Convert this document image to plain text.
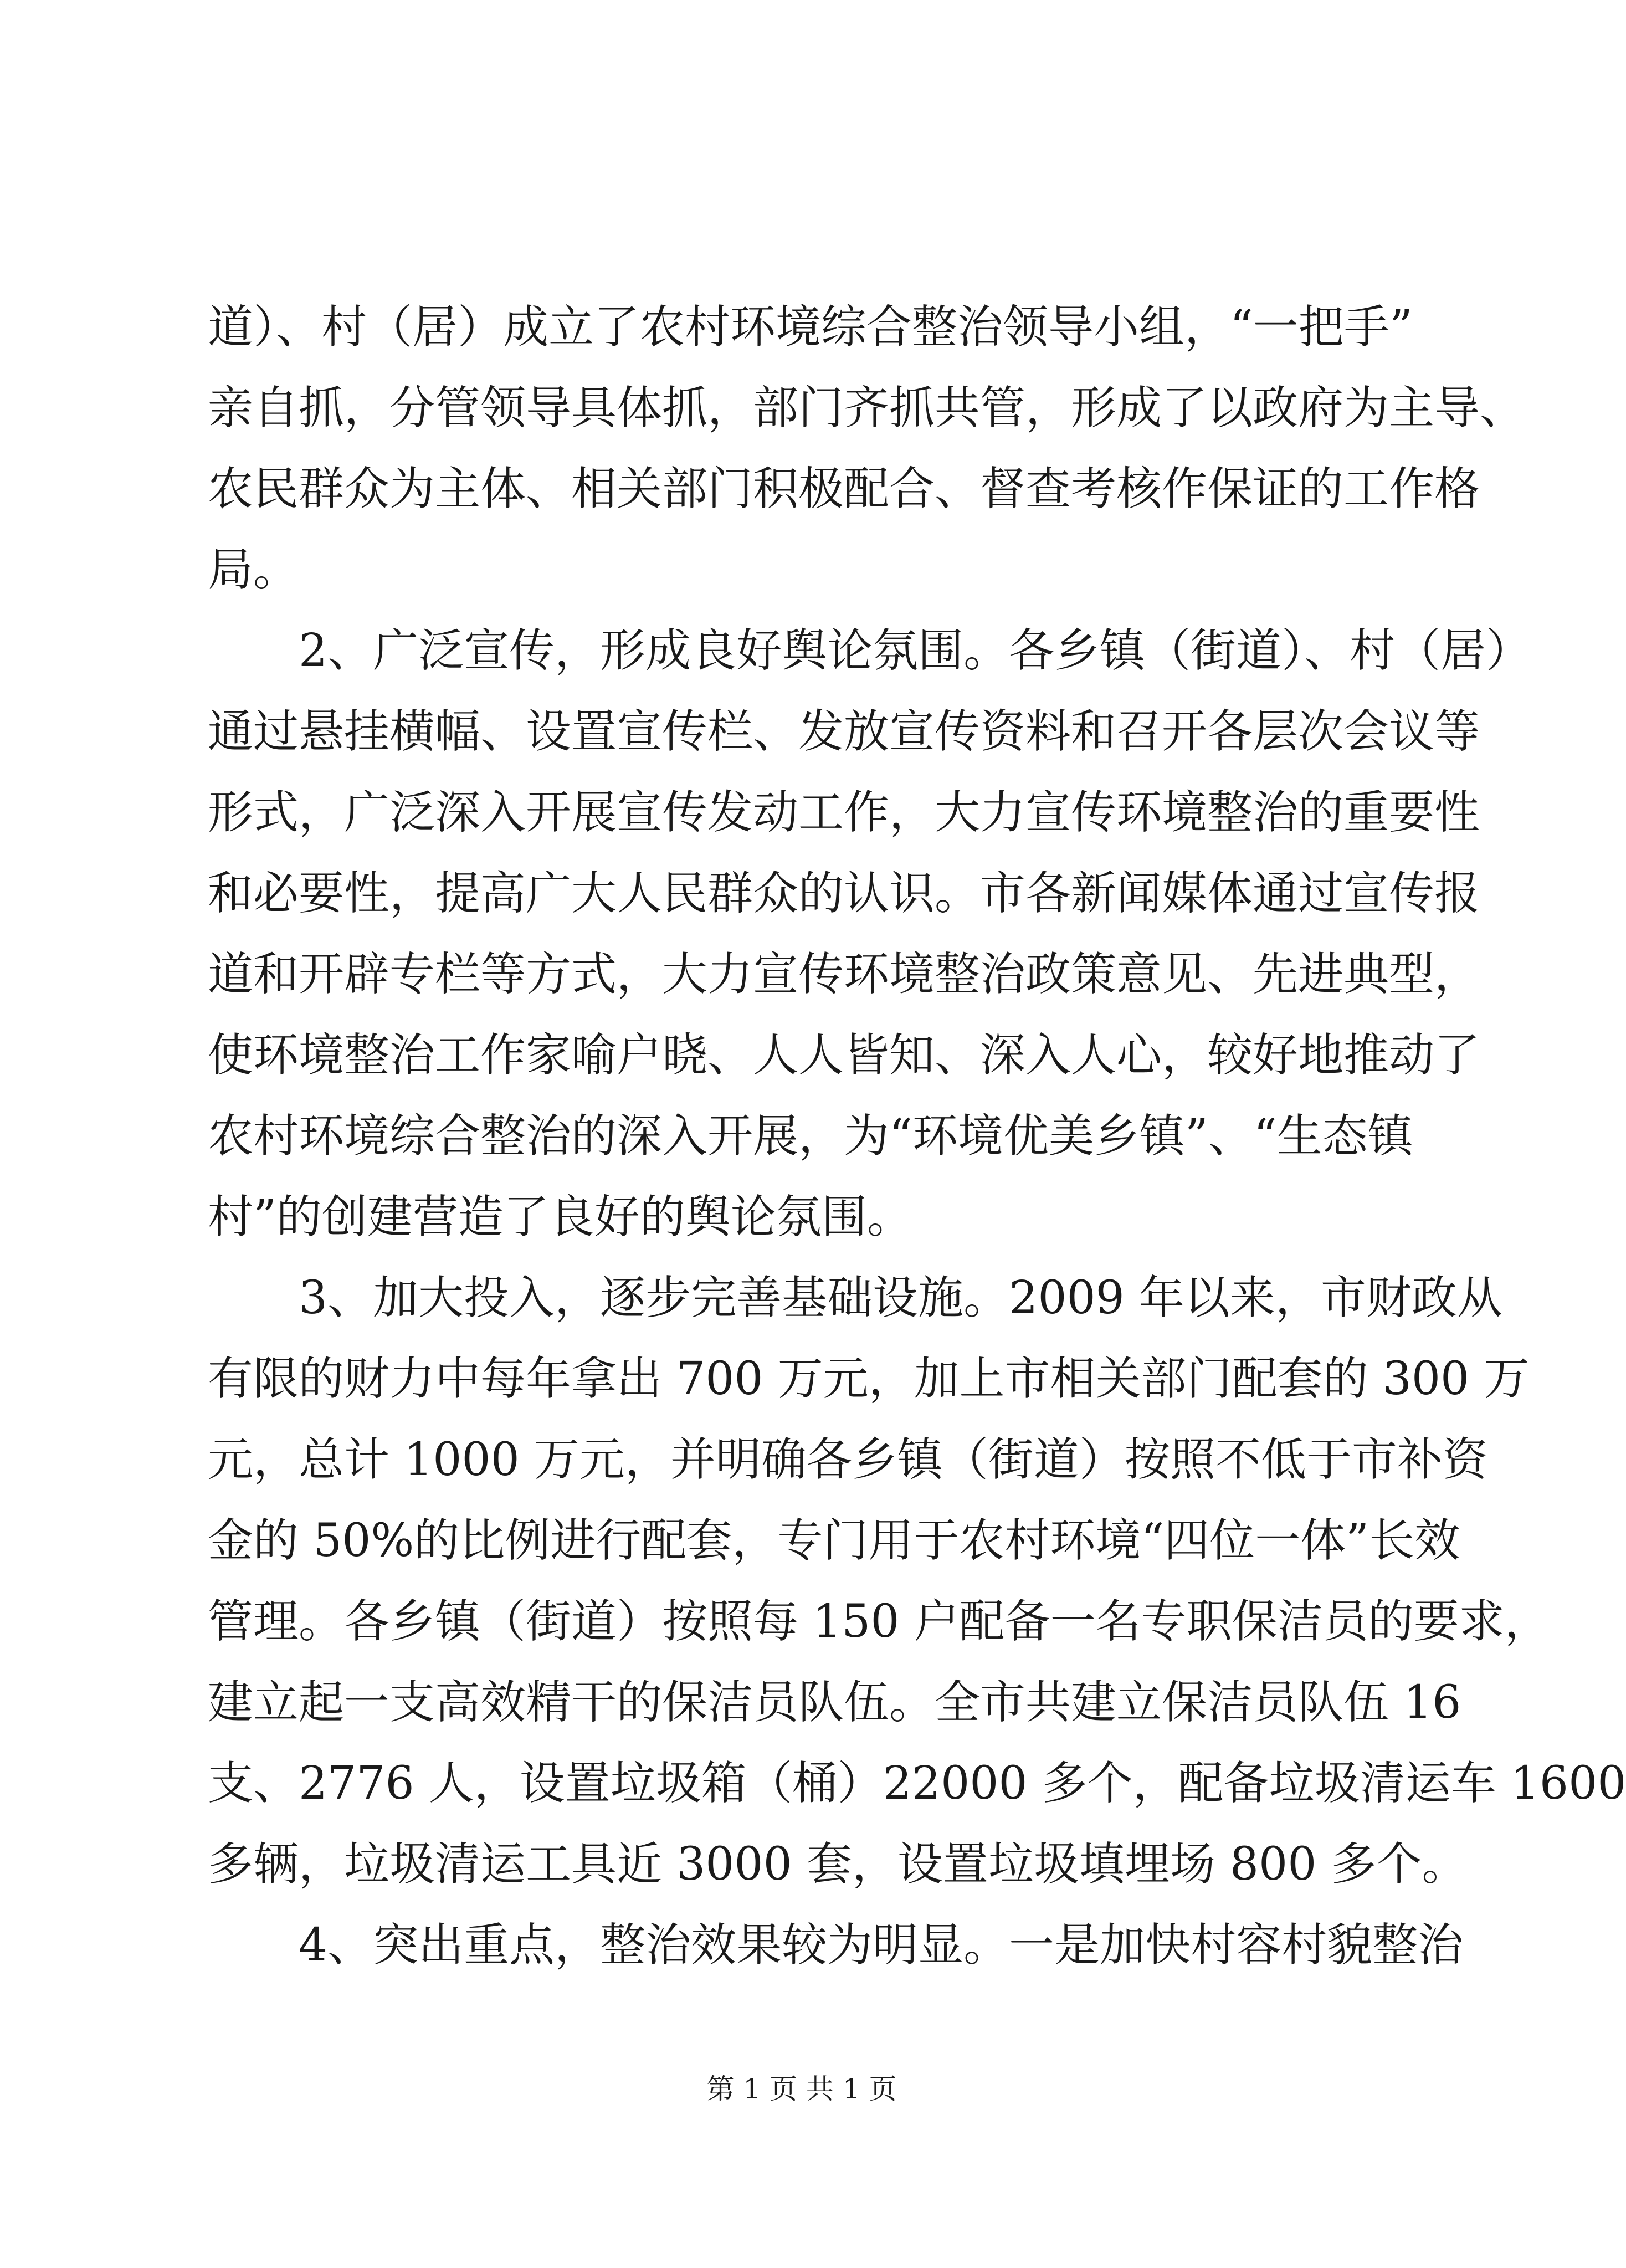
道）、村（居）成立了农村环境综合整治领导小组，“一把手”
亲自抓，分管领导具体抓，部门齐抓共管，形成了以政府为主导、
农民群众为主体、相关部门积极配合、督查考核作保证的工作格
局。
2、广泛宣传，形成良好舆论氛围。各乡镇（街道）、村（居）
通过悬挂横幅、设置宣传栏、发放宣传资料和召开各层次会议等
形式，广泛深入开展宣传发动工作，大力宣传环境整治的重要性
和必要性，提高广大人民群众的认识。市各新闻媒体通过宣传报
道和开辟专栏等方式，大力宣传环境整治政策意见、先进典型，
使环境整治工作家喻户晓、人人皆知、深入人心，较好地推动了
农村环境综合整治的深入开展，为“环境优美乡镇”、“生态镇
村”的创建营造了良好的舆论氛围。
3、加大投入，逐步完善基础设施。2009 年以来，市财政从
有限的财力中每年拿出 700 万元，加上市相关部门配套的 300 万
元，总计 1000 万元，并明确各乡镇（街道）按照不低于市补资
金的 50%的比例进行配套，专门用于农村环境“四位一体”长效
管理。各乡镇（街道）按照每 150 户配备一名专职保洁员的要求，
建立起一支高效精干的保洁员队伍。全市共建立保洁员队伍 16
支、2776 人，设置垃圾箱（桶）22000 多个，配备垃圾清运车 1600
多辆，垃圾清运工具近 3000 套，设置垃圾填埋场 800 多个。
4、突出重点，整治效果较为明显。一是加快村容村貌整治
第 1 页 共 1 页
